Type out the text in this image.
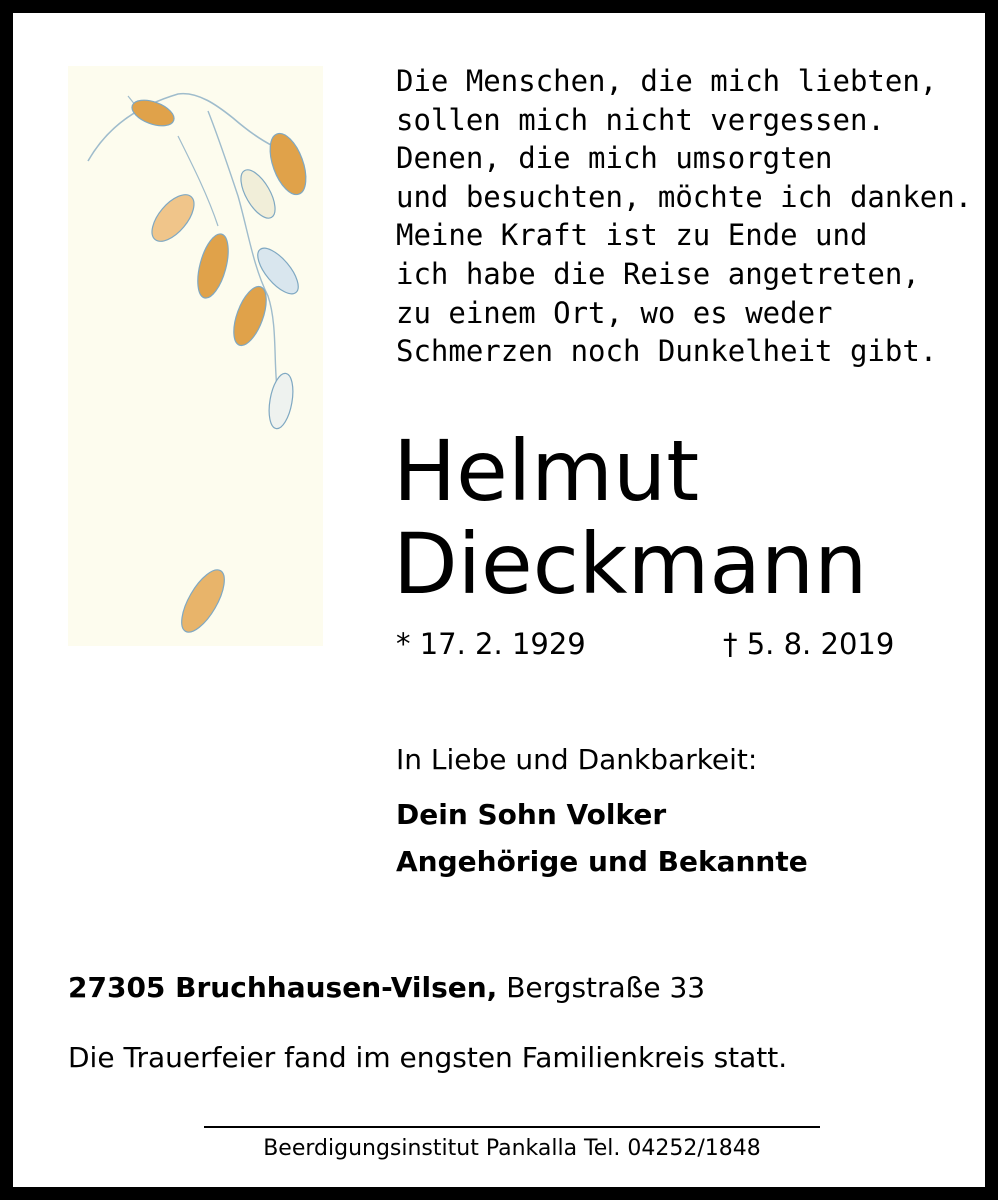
Die Menschen, die mich liebten,
sollen mich nicht vergessen.
Denen, die mich umsorgten
und besuchten, möchte ich danken.
Meine Kraft ist zu Ende und
ich habe die Reise angetreten,
zu einem Ort, wo es weder
Schmerzen noch Dunkelheit gibt.
Helmut
Dieckmann
* 17. 2. 1929	† 5. 8. 2019
In Liebe und Dankbarkeit:
Dein Sohn Volker
Angehörige und Bekannte
27305 Bruchhausen-Vilsen, Bergstraße 33
Die Trauerfeier fand im engsten Familienkreis statt.
Beerdigungsinstitut Pankalla Tel. 04252/1848
